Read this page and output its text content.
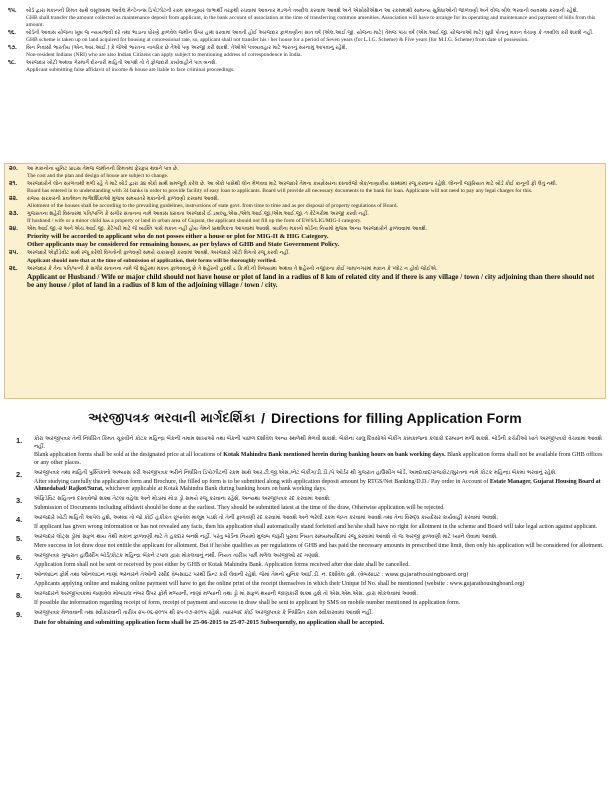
૧૫.	બોર્ડ દ્વારા મકાનની કિંમત સાથે વસૂલવામાં આવેલ મેન્ટેનન્સ ડિપોઝીટની રકમ ક્રમાનુસાર લાભાર્થી તરફથી રચવામાં આવનાર મંડળને તબદીલ કરવામાં આવશે અને એસોસીએશન આ રકમમાંથી સામાન્ય સુવિધાઓની જાળવણી અને વીજ બીલ ભરવાની વ્યવસ્થા કરવાની રહેશે.
GHB shall transfer the amount collected as maintenance deposit from applicant, in the bank account of association at the time of transferring common amenities. Association will have to arrange for its operating and maintenance and payment of bills from this amount.
૧૬.	બોર્ડની આવાસ યોજના ખૂબ જ ન્યાયભાવી દરે તથા ભાડાના ધોરણે ફાળવેલ જમીન ઉપર હાથ ધરવામાં આવતી હોઈ અરજદાર ફાળવણીના સાત વર્ષ (એલ.આઈ.જી. યોજના માટે) તેમજ પાંચ વર્ષ (એમ.આઈ.જી. યોજનાઓ માટે) સુધી પોતાનું મકાન વેચાણ કે તબદીલ કરી શકશે નહીં.
GHB scheme is taken up on land acquired for housing at concessional rate, so, applicant shall not transfer his / her house for a period of Seven years (for L.I.G. Scheme) & Five years (for M.I.G. Scheme) from date of possession.
૧૭.	બિન નિવાસી ભારતીય (એન.આર.આઈ.) કે જેઓ ભારતના નાગરિક છે તેઓ પણ અરજી કરી શકશે. તેઓએ પત્રવ્યવહાર માટે ભારતનું સરનામું આપવાનું રહેશે.
Non-resident Indians (NRI) who are also Indian Citizens can apply subject to mentioning address of correspondence in India.
૧૮.	અરજદાર ખોટી અથવા ગેરમાર્ગે દોરનારી માહિતી આપશે તો તે ફોજદારી કાર્યવાહીને પાત્ર બનશે.
Applicant submitting false affidavit of income & house are liable to face criminal proceedings.
૨૦.	આ મકાનોના યુનિટ પ્રાઇસ તેમજ જમીનની કિંમતમાં ફેરફાર થવાને પાત્ર છે.
The cost and the plan and design of house are subject to change.
૨૧.	અરજદારોને લોન સરળતાથી મળી રહે તે માટે બોર્ડ દ્વારા ૩૪ બેંકો સાથે સમજૂતી કરેલ છે. આ બેંકો પાસેથી લોન મેળવવા માટે અરજદારે તેમના કાયદેસરના દસ્તાવેજો બેંક/નાણાકીય સંસ્થામાં રજૂ કરવાના રહેશે. લોનની જરૂરિયાત માટે બોર્ડ કોઈ કાનૂની ફી લેતું નથી.
Board has entered in to understanding with 34 banks in order to provide facility of easy loan to applicants. Board will provide all necessary documents to the bank for loan. Applicants will not need to pay any legal charges for this.
૨૨.	રાજ્ય સરકારની પ્રવર્તમાન માર્ગદર્શિકાઓ મુજબ સમયાંતરે મકાનોની ફાળવણી કરવામાં આવશે.
Allotment of the houses shall be according to the prevailing guidelines, instructions of state govt. from time to time and as per disposal of property regulations of Board.
૨૩.	ગુજરાતના શહેરી વિસ્તારમાં પતિ/પત્નિ કે સગીર સંતાનના નામે આવાસ ધરાવતા અરજદારે ઈ.ડબલ્યુ.એસ./એલ.આઈ.જી./એમ.આઈ.જી.-૧ કેટેગરીમાં અરજી કરવી નહીં.
If husband / wife or a minor child has a property or land in urban area of Gujarat, the applicant should not fill up the form of EWS/LIG/MIG-I category.
૨૪.	એમ.આઈ.જી.-૨ અને એચ.આઈ.જી. કેટેગરી માટે જે વ્યક્તિ પાસે મકાન નહીં હોય તેમને પ્રાથમિકતા આપવામાં આવશે. બાકીના મકાનો બોર્ડના નિયમો મુજબ અન્ય અરજદારોને ફાળવવામાં આવશે.
Priority will be accorded to applicant who do not posses either a house or plot for MIG-II & HIG Category.
Other applicants may be considered for remaining houses, as per bylaws of GHB and State Government Policy.
૨૫.	અરજદારે એફીડેવીટ સાથે રજૂ કરેલી વિગતોની ફાળવણી સમયે ચકાસણી કરવામાં આવશે. અરજદારે ખોટી વિગતો રજૂ કરવી નહીં.
Applicant should note that at the time of submission of application, their forms will be thoroughly verified.
૨૬.	અરજદાર કે તેના પતિ/પત્ની કે સગીર સંતાનના નામે જે શહેરમાં મકાન ફાળવવાનું છે તે શહેરની હદથી ૮ કિ.મી.ની ત્રિજ્યામાં અથવા તે શહેરની નજીકના કોઈ ગામ/નગરમાં મકાન કે પ્લોટ ન હોવો જોઈએ.
Applicant or Husband / Wife or major child should not have house or plot of land in a radius of 8 km of related city and if there is any village / town / city adjoining than there should not be any house / plot of land in a radius of 8 km of the adjoining village / town / city.
અરજીપત્રક ભરવાની માર્ગદર્શિકા / Directions for filling Application Form
1. કોરા અરજીપત્રક તેની નિર્ધારિત કિંમત ચૂકવીને કોટક મહિન્દ્રા બેંકની તમામ શાખાઓ તથા બેંકની પાછળ દર્શાવેલ અન્ય સ્થળેથી મેળવી શકાશે. બેંકોના ચાલુ દિવસોએ બેંકીંગ કામકાજના કલાકો દરમ્યાન મળી શકશે. બોર્ડની કચેરીઓ ખાતે અરજીપત્રકો વેચવામાં આવશે નહીં.
Blank application forms shall be sold at the designated price at all locations of Kotak Mahindra Bank mentioned herein during banking hours on bank working days. Blank application forms shall not be available from GHB offices or any other places.
2. અરજીપત્રક તથા માહિતી પુસ્તિકાનો અભ્યાસ કરી અરજીપત્રક ભરીને નિર્ધારિત ડિપોઝીટની રકમ સાથે આર.ટી.જી.એસ./નેટ બેંકીંગ/ડી.ડી./પે ઓર્ડર થી ગુજરાત હાઉસીંગ બોર્ડ, અમદાવાદ/રાજકોટ/સુરતના નામે કોટક મહિન્દ્રા બેંકમાં ભરવાનું રહેશે.
After studying carefully the application form and Brochure, the filled up form is to be submitted along with application deposit amount by RTGS/Net Banking/D.D./ Pay order in Account of Estate Manager, Gujarat Housing Board at Ahmedabad/ Rajkot/Surat, whichever applicable at Kotak Mahindra Bank during banking hours on bank working days.
3. એફિડેવિટ સહિતના દસ્તાવેજો શક્ય તેટલા વહેલા અને મોડામાં મોડા ડ્રો સમયે રજૂ કરવાના રહેશે, અન્યથા અરજીપત્રક રદ કરવામાં આવશે.
Submission of Documents including affidavit should be done at the earliest. They should be submitted latest at the time of the draw, Otherwise application will be rejected.
4. અરજદારે ખોટી માહિતી આપેલ હશે, અથવા તો જો કોઈ હકીકત છૂપાવેલ માલૂમ પડશે તો તેની ફાળવણી રદ કરવામાં આવશે અને ભરેલી રકમ જપ્ત કરવામાં આવશે તથા તેના વિરુદ્ધ કાયદેસર કાર્યવાહી કરવામાં આવશે.
If applicant has given wrong information or has not revealed any facts, then his application shall automatically stand forfeited and he/she shall have no right for allotment in the scheme and Board will take legal action against applicant.
5. અરજદાર લોટ્સ ડ્રોમાં સફળ થાય તેથી મકાન ફાળવણી માટે તે હકદાર બનશે નહીં. પરંતુ બોર્ડના નિયમો મુજબ જરૂરી પુરાવા નિયત સમયમર્યાદામાં રજૂ કરવામાં આવશે તો જ અરજી ફાળવણી માટે ધ્યાને લેવામાં આવશે.
Mere success in lot draw dose not entitle the applicant for allotment. But if he/she qualifies as per regulations of GHB and has paid the necessary amounts in prescribed time limit, then only his application will be considered for allotment.
6. અરજીપત્રક ગુજરાત હાઉસીંગ બોર્ડ/કોટક મહિન્દ્રા બેંકને ટપાલ દ્વારા મોકલવાનું નથી. નિયત તારીખ પછી મળેલ અરજીઓ રદ ગણાશે.
Application form shall not be sent or received by post either by GHB or Kotak Mahindra Bank. Application forms received after due date shall be cancelled.
7. ઓનલાઇન ફોર્મ તથા ઓનલાઇન નાણાં ભરનારને તેઓની રસીદ વેબસાઇટ પરથી પ્રિન્ટ કરી લેવાની રહેશે. જેમાં તેમનો યુનિક આઈ.ડી. ન. દર્શાવેલ હશે. (વેબસાઇટ : www.gujarathousingboard.org)
Applicants applying online and making online payment will have to get the online print of the receipt themselves in which their Unique Id No. shall be mentioned (website : www.gujarathousingboard.org)
8. અરજદારને અરજીપત્રકમાં જણાવેલ મોબાઇલ નંબર ઉપર ફોર્મ મળ્યાની, નાણાં મળ્યાની તથા ડ્રો માં સફળ થયાની જાણકારી શક્ય હશે તો એસ.એમ.એસ. દ્વારા મોકલવામાં આવશે.
If possible the information regarding receipt of form, receipt of payment and success in draw shall be sent to applicant by SMS on mobile number mentioned in application form.
9. અરજીપત્રક મેળવવાની તથા સ્વીકારવાની તારીખ ૨૫-૦૬-૨૦૧૫ થી ૨૫-૦૭-૨૦૧૫ રહેશે. ત્યારબાદ કોઈ અરજીપત્રક કે નિર્ધારિત રકમ સ્વીકારવામાં આવશે નહીં.
Date for obtaining and submitting application form shall be 25-06-2015 to 25-07-2015 Subsequently, no application shall be accepted.
